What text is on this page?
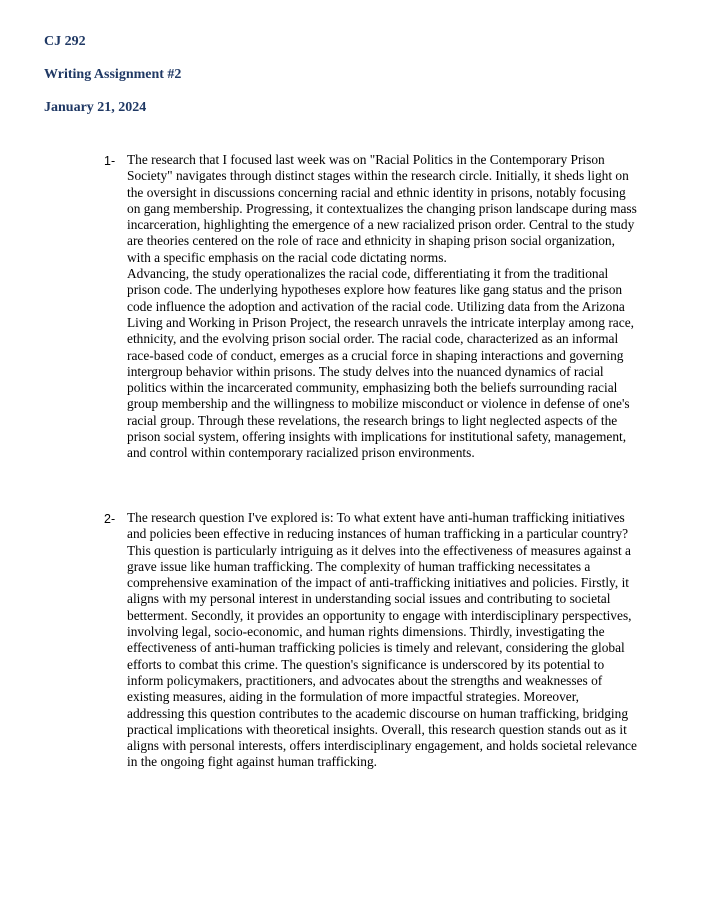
CJ 292

Writing Assignment #2

January 21, 2024

1- The research that I focused last week was on "Racial Politics in the Contemporary Prison Society" navigates through distinct stages within the research circle. Initially, it sheds light on the oversight in discussions concerning racial and ethnic identity in prisons, notably focusing on gang membership. Progressing, it contextualizes the changing prison landscape during mass incarceration, highlighting the emergence of a new racialized prison order. Central to the study are theories centered on the role of race and ethnicity in shaping prison social organization, with a specific emphasis on the racial code dictating norms.

Advancing, the study operationalizes the racial code, differentiating it from the traditional prison code. The underlying hypotheses explore how features like gang status and the prison code influence the adoption and activation of the racial code. Utilizing data from the Arizona Living and Working in Prison Project, the research unravels the intricate interplay among race, ethnicity, and the evolving prison social order. The racial code, characterized as an informal race-based code of conduct, emerges as a crucial force in shaping interactions and governing intergroup behavior within prisons. The study delves into the nuanced dynamics of racial politics within the incarcerated community, emphasizing both the beliefs surrounding racial group membership and the willingness to mobilize misconduct or violence in defense of one's racial group. Through these revelations, the research brings to light neglected aspects of the prison social system, offering insights with implications for institutional safety, management, and control within contemporary racialized prison environments.

2- The research question I've explored is: To what extent have anti-human trafficking initiatives and policies been effective in reducing instances of human trafficking in a particular country? This question is particularly intriguing as it delves into the effectiveness of measures against a grave issue like human trafficking. The complexity of human trafficking necessitates a comprehensive examination of the impact of anti-trafficking initiatives and policies. Firstly, it aligns with my personal interest in understanding social issues and contributing to societal betterment. Secondly, it provides an opportunity to engage with interdisciplinary perspectives, involving legal, socio-economic, and human rights dimensions. Thirdly, investigating the effectiveness of anti-human trafficking policies is timely and relevant, considering the global efforts to combat this crime. The question's significance is underscored by its potential to inform policymakers, practitioners, and advocates about the strengths and weaknesses of existing measures, aiding in the formulation of more impactful strategies. Moreover, addressing this question contributes to the academic discourse on human trafficking, bridging practical implications with theoretical insights. Overall, this research question stands out as it aligns with personal interests, offers interdisciplinary engagement, and holds societal relevance in the ongoing fight against human trafficking.
